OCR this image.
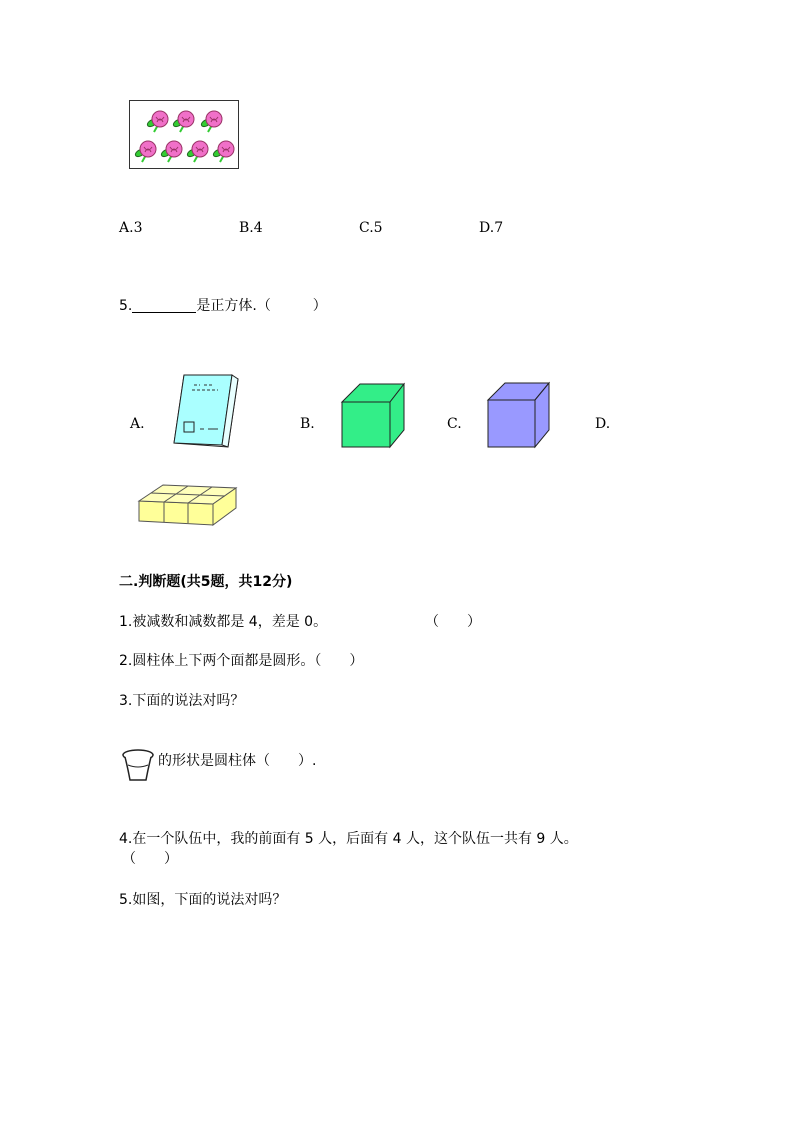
A.3	B.4	C.5	D.7
5.	是正方体.（　　　）
A.	B.	C.	D.
二.判断题(共5题，共12分)
1.被减数和减数都是 4，差是 0。	（　　）
2.圆柱体上下两个面都是圆形。（　　）
3.下面的说法对吗？
的形状是圆柱体（　　）.
4.在一个队伍中，我的前面有 5 人，后面有 4 人，这个队伍一共有 9 人。
（　　）
5.如图，下面的说法对吗？
